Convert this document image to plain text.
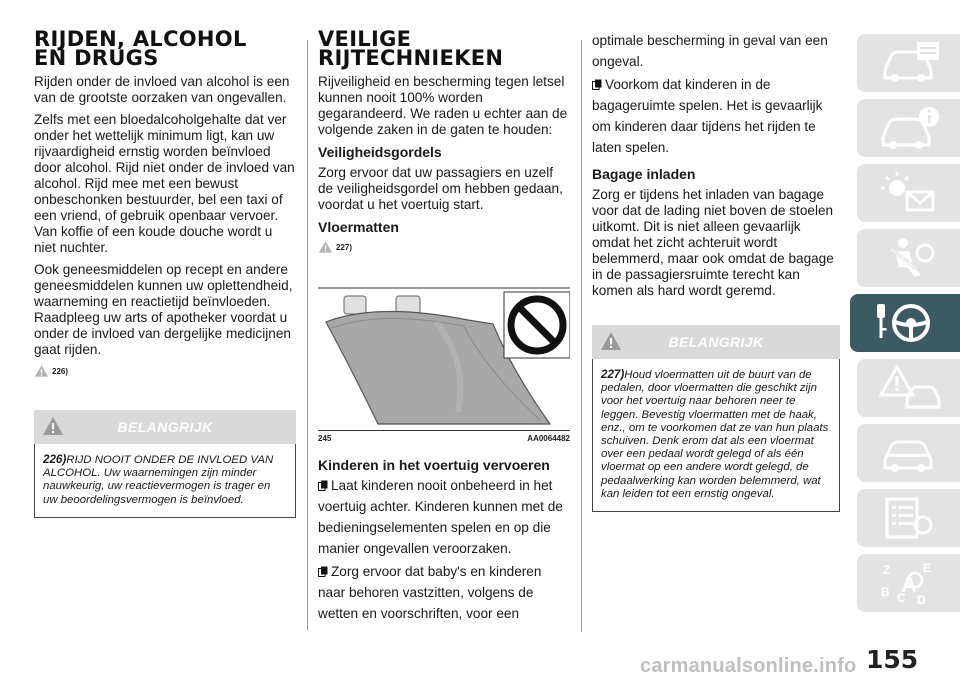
RIJDEN, ALCOHOL
EN DRUGS

Rijden onder de invloed van alcohol is een van de grootste oorzaken van ongevallen.

Zelfs met een bloedalcoholgehalte dat ver onder het wettelijk minimum ligt, kan uw rijvaardigheid ernstig worden beïnvloed door alcohol. Rijd niet onder de invloed van alcohol. Rijd mee met een bewust onbeschonken bestuurder, bel een taxi of een vriend, of gebruik openbaar vervoer. Van koffie of een koude douche wordt u niet nuchter.

Ook geneesmiddelen op recept en andere geneesmiddelen kunnen uw oplettendheid, waarneming en reactietijd beïnvloeden. Raadpleeg uw arts of apotheker voordat u onder de invloed van dergelijke medicijnen gaat rijden.

226)
BELANGRIJK

226)RIJD NOOIT ONDER DE INVLOED VAN ALCOHOL. Uw waarnemingen zijn minder nauwkeurig, uw reactievermogen is trager en uw beoordelingsvermogen is beïnvloed.

VEILIGE
RIJTECHNIEKEN

Rijveiligheid en bescherming tegen letsel kunnen nooit 100% worden gegarandeerd. We raden u echter aan de volgende zaken in de gaten te houden:

Veiligheidsgordels

Zorg ervoor dat uw passagiers en uzelf de veiligheidsgordel om hebben gedaan, voordat u het voertuig start.

Vloermatten
227)
245	AA0064482
Kinderen in het voertuig vervoeren

Laat kinderen nooit onbeheerd in het voertuig achter. Kinderen kunnen met de bedieningselementen spelen en op die manier ongevallen veroorzaken.

Zorg ervoor dat baby's en kinderen naar behoren vastzitten, volgens de wetten en voorschriften, voor een

optimale bescherming in geval van een ongeval.

Voorkom dat kinderen in de bagageruimte spelen. Het is gevaarlijk om kinderen daar tijdens het rijden te laten spelen.

Bagage inladen

Zorg er tijdens het inladen van bagage voor dat de lading niet boven de stoelen uitkomt. Dit is niet alleen gevaarlijk omdat het zicht achteruit wordt belemmerd, maar ook omdat de bagage in de passagiersruimte terecht kan komen als hard wordt geremd.

BELANGRIJK

227)Houd vloermatten uit de buurt van de pedalen, door vloermatten die geschikt zijn voor het voertuig naar behoren neer te leggen. Bevestig vloermatten met de haak, enz., om te voorkomen dat ze van hun plaats schuiven. Denk erom dat als een vloermat over een pedaal wordt gelegd of als één vloermat op een andere wordt gelegd, de pedaalwerking kan worden belemmerd, wat kan leiden tot een ernstig ongeval.

Z	E
B C D
A
155
carmanualsonline.info
